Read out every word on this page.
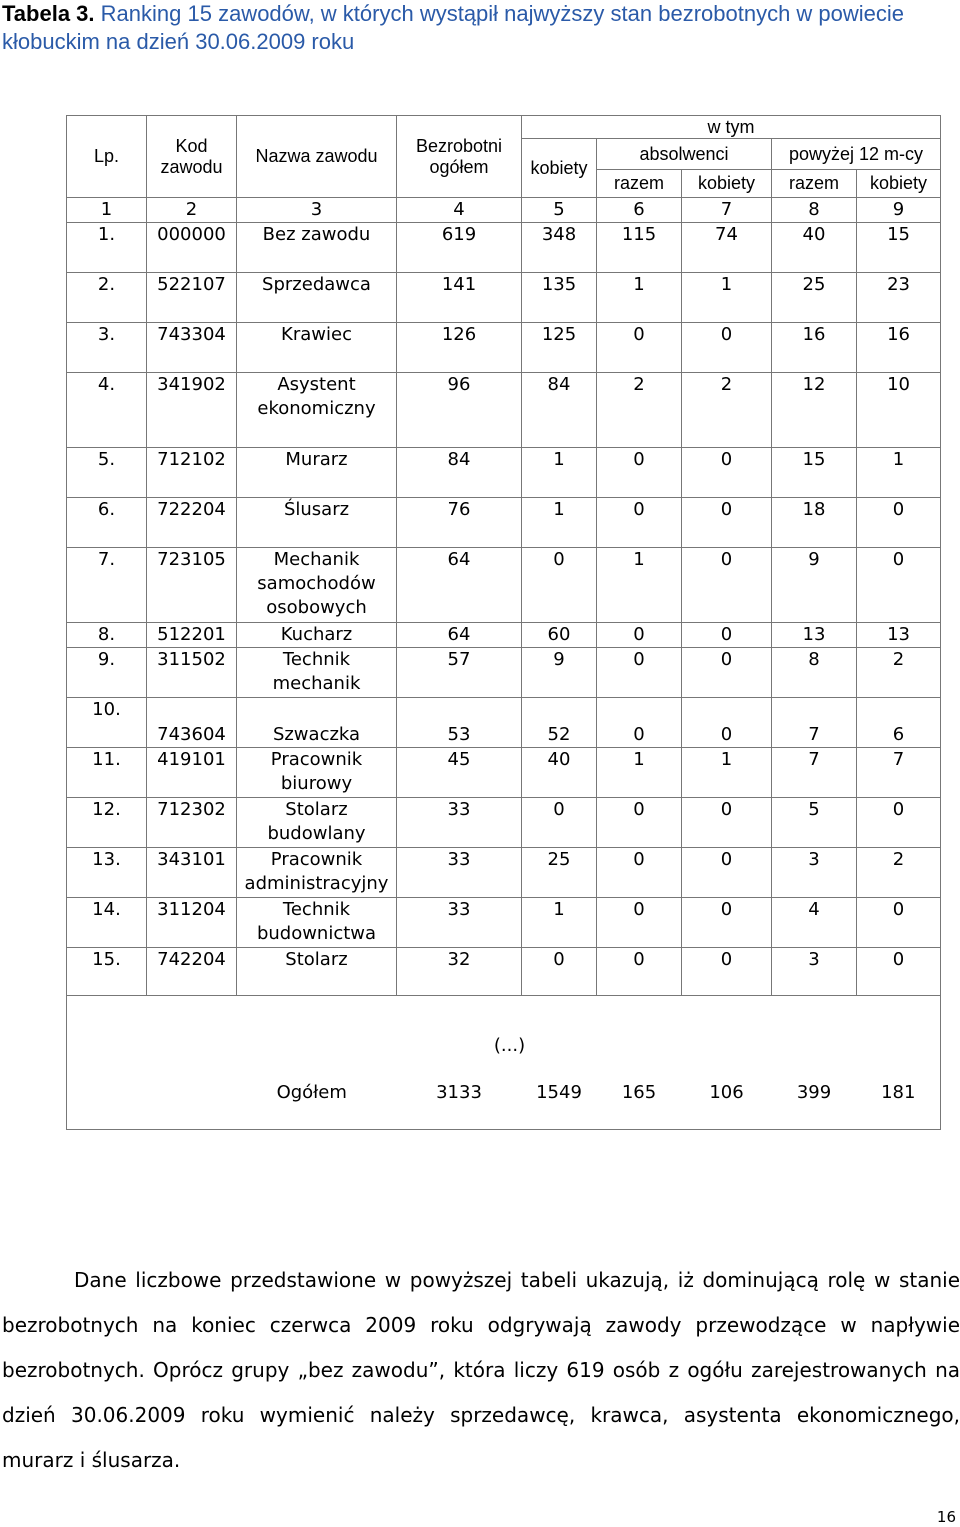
Tabela 3. Ranking 15 zawodów, w których wystąpił najwyższy stan bezrobotnych w powiecie kłobuckim na dzień 30.06.2009 roku
Lp.	Kod zawodu	Nazwa zawodu	Bezrobotni ogółem	w tym				
				kobiety	absolwenci		powyżej 12 m-cy	
					razem	kobiety	razem	kobiety
1	2	3	4	5	6	7	8	9
1.	000000	Bez zawodu	619	348	115	74	40	15
2.	522107	Sprzedawca	141	135	1	1	25	23
3.	743304	Krawiec	126	125	0	0	16	16
4.	341902	Asystent ekonomiczny	96	84	2	2	12	10
5.	712102	Murarz	84	1	0	0	15	1
6.	722204	Ślusarz	76	1	0	0	18	0
7.	723105	Mechanik samochodów osobowych	64	0	1	0	9	0
8.	512201	Kucharz	64	60	0	0	13	13
9.	311502	Technik mechanik	57	9	0	0	8	2
10.	743604	Szwaczka	53	52	0	0	7	6
11.	419101	Pracownik biurowy	45	40	1	1	7	7
12.	712302	Stolarz budowlany	33	0	0	0	5	0
13.	343101	Pracownik administracyjny	33	25	0	0	3	2
14.	311204	Technik budownictwa	33	1	0	0	4	0
15.	742204	Stolarz	32	0	0	0	3	0
(...)								
Ogółem			3133	1549	165	106	399	181
Dane liczbowe przedstawione w powyższej tabeli ukazują, iż dominującą rolę w stanie bezrobotnych na koniec czerwca 2009 roku odgrywają zawody przewodzące w napływie bezrobotnych. Oprócz grupy „bez zawodu”, która liczy 619 osób z ogółu zarejestrowanych na dzień 30.06.2009 roku wymienić należy sprzedawcę, krawca, asystenta ekonomicznego, murarz i ślusarza.
16
